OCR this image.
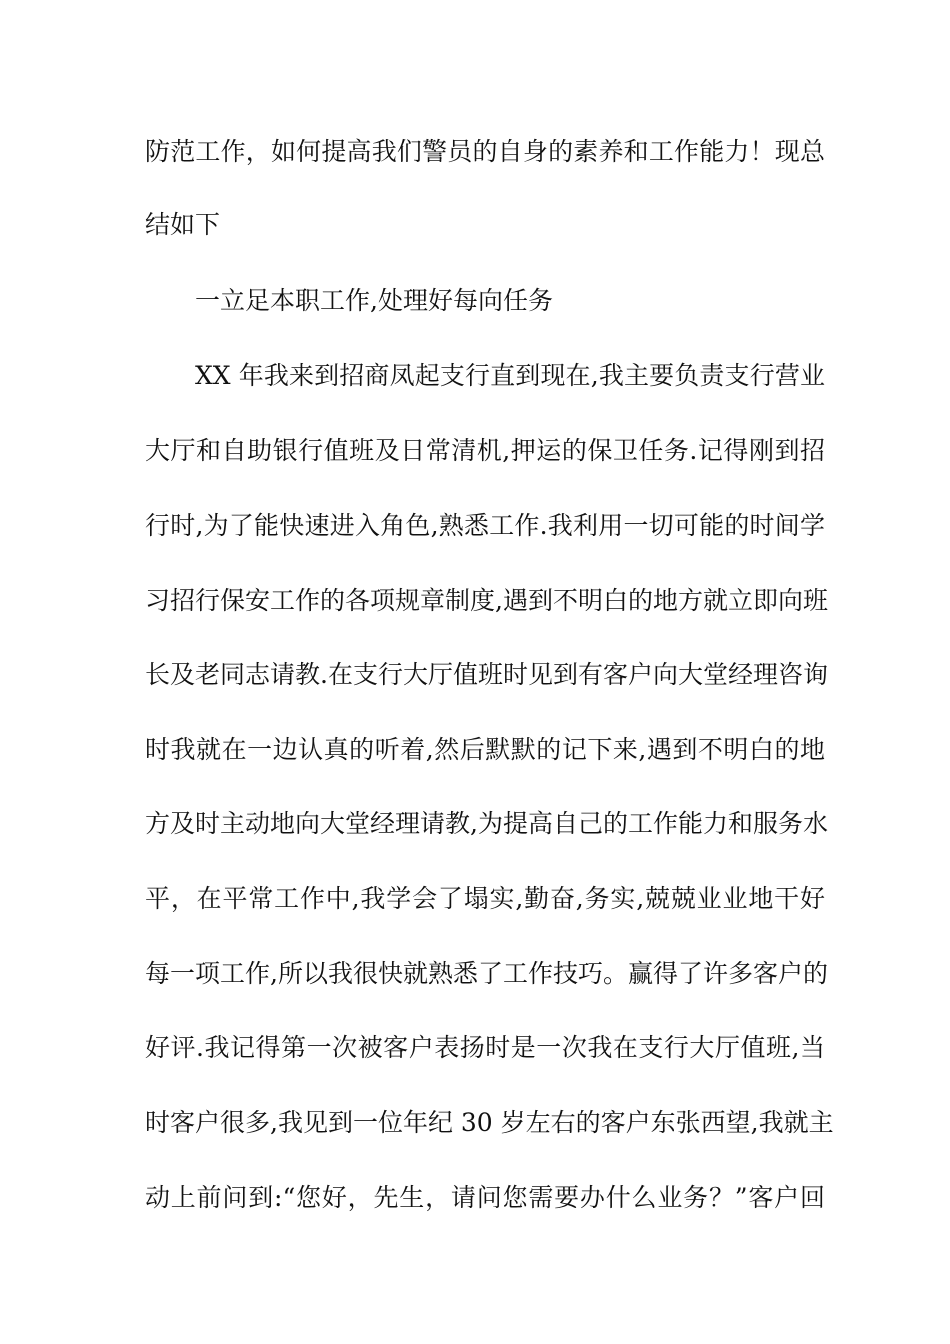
防范工作，如何提高我们警员的自身的素养和工作能力！现总
结如下
一立足本职工作,处理好每向任务
XX 年我来到招商凤起支行直到现在,我主要负责支行营业
大厅和自助银行值班及日常清机,押运的保卫任务.记得刚到招
行时,为了能快速进入角色,熟悉工作.我利用一切可能的时间学
习招行保安工作的各项规章制度,遇到不明白的地方就立即向班
长及老同志请教.在支行大厅值班时见到有客户向大堂经理咨询
时我就在一边认真的听着,然后默默的记下来,遇到不明白的地
方及时主动地向大堂经理请教,为提高自己的工作能力和服务水
平，在平常工作中,我学会了塌实,勤奋,务实,兢兢业业地干好
每一项工作,所以我很快就熟悉了工作技巧。赢得了许多客户的
好评.我记得第一次被客户表扬时是一次我在支行大厅值班,当
时客户很多,我见到一位年纪 30 岁左右的客户东张西望,我就主
动上前问到:“您好，先生，请问您需要办什么业务？”客户回
